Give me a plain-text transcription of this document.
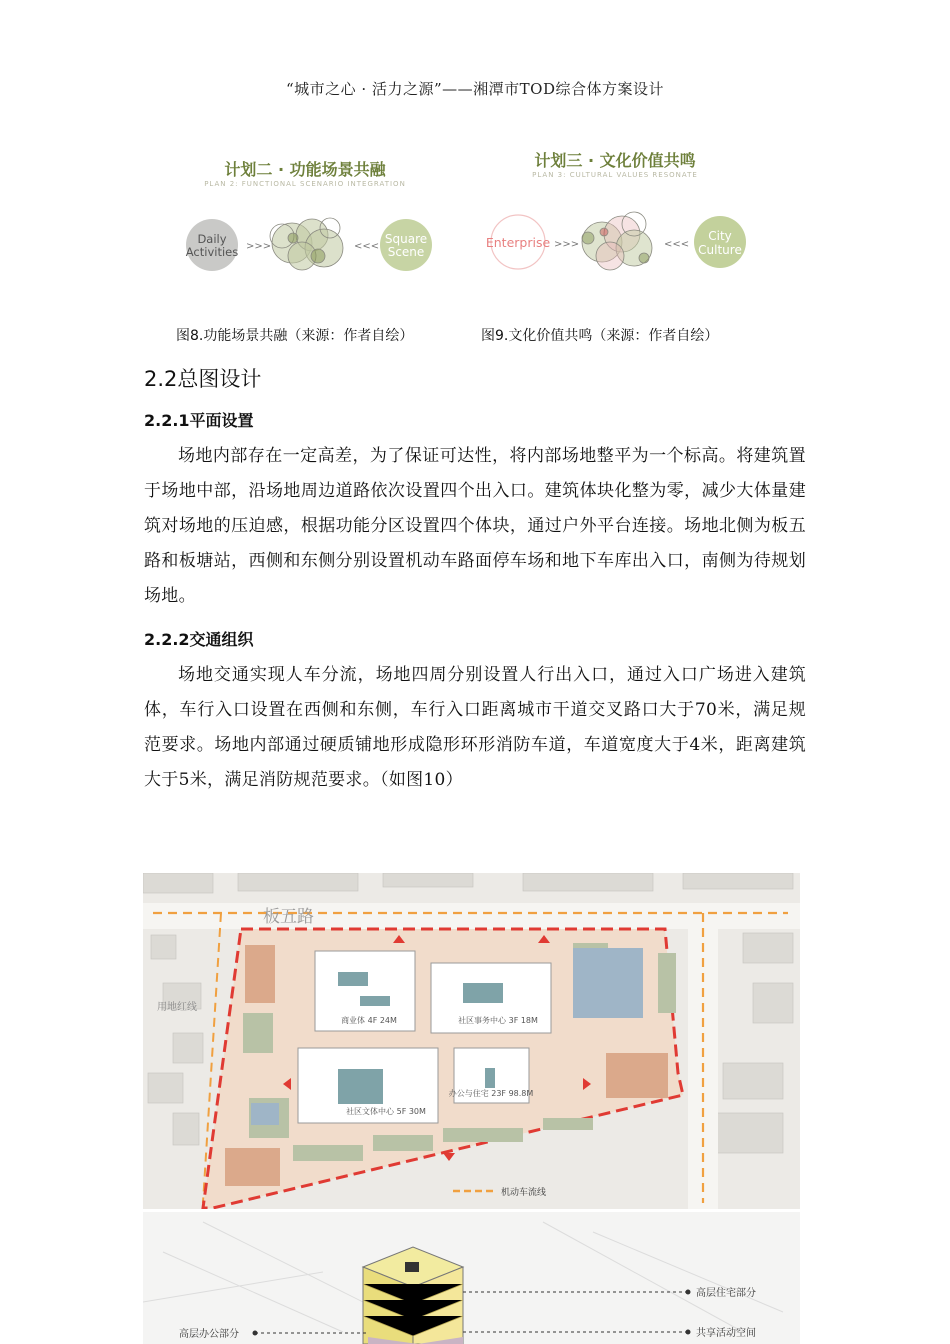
“城市之心 · 活力之源”——湘潭市TOD综合体方案设计
计划二 · 功能场景共融
PLAN 2: FUNCTIONAL SCENARIO INTEGRATION
Daily
Activities >>>	<<<
Square
Scene
图8.功能场景共融（来源：作者自绘）
计划三 · 文化价值共鸣
PLAN 3: CULTURAL VALUES RESONATE
Enterprise >>>	<<<
City
Culture
图9.文化价值共鸣（来源：作者自绘）
2.2总图设计
2.2.1平面设置
场地内部存在一定高差，为了保证可达性，将内部场地整平为一个标高。将建筑置于场地中部，沿场地周边道路依次设置四个出入口。建筑体块化整为零，减少大体量建筑对场地的压迫感，根据功能分区设置四个体块，通过户外平台连接。场地北侧为板五路和板塘站，西侧和东侧分别设置机动车路面停车场和地下车库出入口，南侧为待规划场地。
2.2.2交通组织
场地交通实现人车分流，场地四周分别设置人行出入口，通过入口广场进入建筑体，车行入口设置在西侧和东侧，车行入口距离城市干道交叉路口大于70米，满足规范要求。场地内部通过硬质铺地形成隐形环形消防车道，车道宽度大于4米，距离建筑大于5米，满足消防规范要求。（如图10）
商业体 4F 24M	社区事务中心 3F 18M
社区文体中心 5F 30M
办公与住宅 23F 98.8M
板五路
用地红线
机动车流线
高层住宅部分
共享活动空间
高层办公部分
